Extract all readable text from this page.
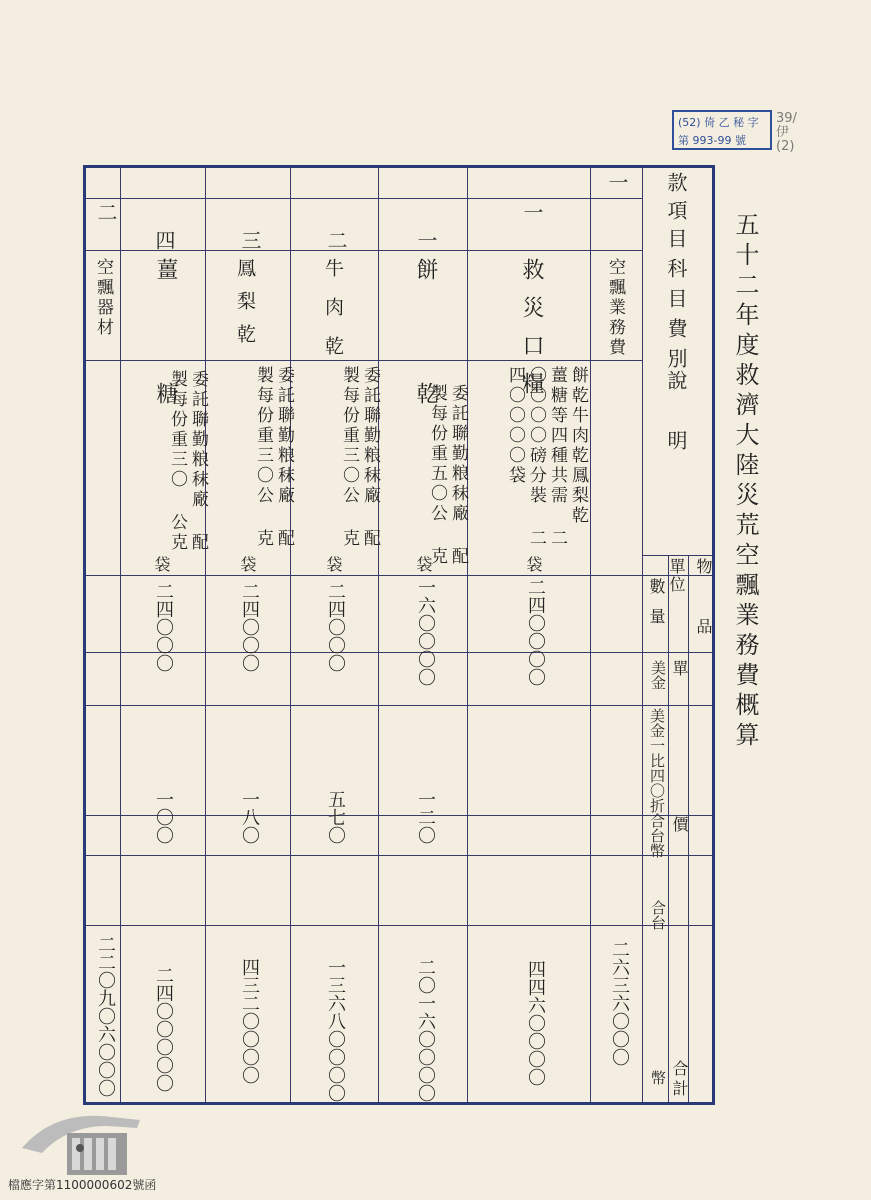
(52) 倚 乙 秘 字
第 993-99 號
39/伊(2)
五十二年度救濟大陸災荒空飄業務費概算
款
項
目
科目費別
說　明
物　品
單位
數量
單價
美金一比四〇折合台幣
美金
合台
合計
幣
一
空飄業務費
二六三六〇〇〇
一
救災口糧
餅乾牛肉乾鳳梨乾 薑糖等四種共需 二〇〇〇〇磅分裝 二四〇〇〇〇袋
袋
二四〇〇〇〇
四四六〇〇〇〇
一
餅　乾
委託聯勤粮秣廠 配製每份重五〇公 克
袋
一六〇〇〇〇
一二〇
二〇一六〇〇〇〇
二
牛肉乾
委託聯勤粮秣廠 配製每份重三〇公 克
袋
二四〇〇〇
五七〇
一三六八〇〇〇〇
三
鳳梨乾
委託聯勤粮秣廠 配製每份重三〇公 克
袋
二四〇〇〇
一八〇
四三二〇〇〇〇
四
薑　糖
委託聯勤粮秣廠 配製每份重三〇 公克
袋
二四〇〇〇
一〇〇
二四〇〇〇〇〇
二
空飄器材
二二〇九〇六〇〇〇
檔應字第1100000602號函
